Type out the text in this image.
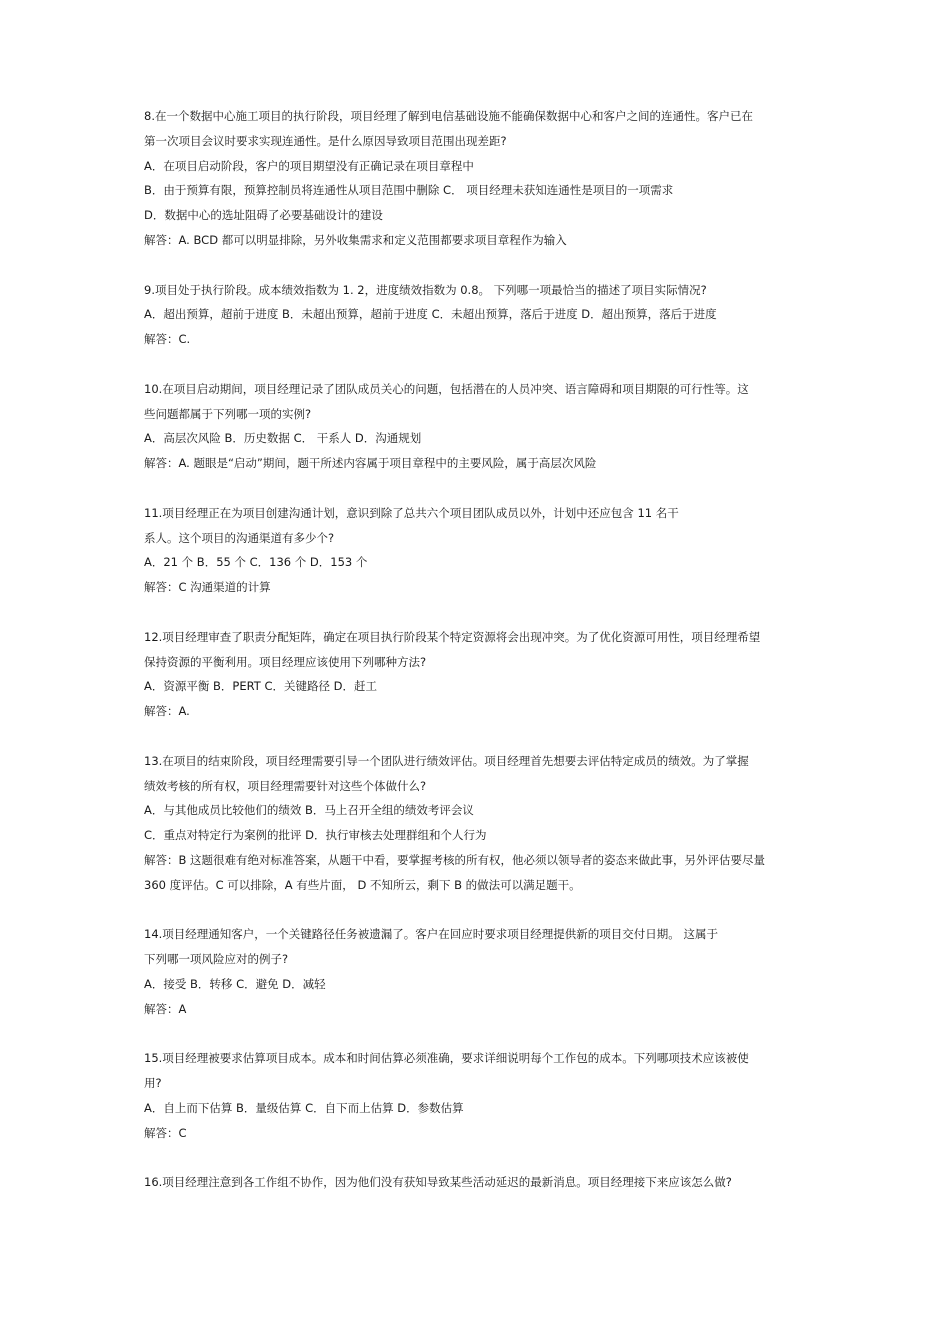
8.在一个数据中心施工项目的执行阶段，项目经理了解到电信基础设施不能确保数据中心和客户之间的连通性。客户已在
第一次项目会议时要求实现连通性。是什么原因导致项目范围出现差距?
A．在项目启动阶段，客户的项目期望没有正确记录在项目章程中
B．由于预算有限，预算控制员将连通性从项目范围中删除 C． 项目经理未获知连通性是项目的一项需求
D．数据中心的选址阻碍了必要基础设计的建设
解答：A. BCD 都可以明显排除，另外收集需求和定义范围都要求项目章程作为输入
9.项目处于执行阶段。成本绩效指数为 1. 2，进度绩效指数为 0.8。 下列哪一项最恰当的描述了项目实际情况?
A．超出预算，超前于进度 B．未超出预算，超前于进度 C．未超出预算，落后于进度 D．超出预算，落后于进度
解答：C.
10.在项目启动期间，项目经理记录了团队成员关心的问题，包括潜在的人员冲突、语言障碍和项目期限的可行性等。这
些问题都属于下列哪一项的实例?
A．高层次风险 B．历史数据 C． 干系人 D．沟通规划
解答：A. 题眼是“启动”期间，题干所述内容属于项目章程中的主要风险，属于高层次风险
11.项目经理正在为项目创建沟通计划，意识到除了总共六个项目团队成员以外，计划中还应包含 11 名干
系人。这个项目的沟通渠道有多少个?
A．21 个 B．55 个 C．136 个 D．153 个
解答：C 沟通渠道的计算
12.项目经理审查了职责分配矩阵，确定在项目执行阶段某个特定资源将会出现冲突。为了优化资源可用性，项目经理希望
保持资源的平衡利用。项目经理应该使用下列哪种方法?
A．资源平衡 B．PERT C．关键路径 D．赶工
解答：A.
13.在项目的结束阶段，项目经理需要引导一个团队进行绩效评估。项目经理首先想要去评估特定成员的绩效。为了掌握
绩效考核的所有权，项目经理需要针对这些个体做什么?
A．与其他成员比较他们的绩效 B．马上召开全组的绩效考评会议
C．重点对特定行为案例的批评 D．执行审核去处理群组和个人行为
解答：B 这题很难有绝对标准答案，从题干中看，要掌握考核的所有权，他必须以领导者的姿态来做此事，另外评估要尽量
360 度评估。C 可以排除，A 有些片面， D 不知所云，剩下 B 的做法可以满足题干。
14.项目经理通知客户，一个关键路径任务被遗漏了。客户在回应时要求项目经理提供新的项目交付日期。 这属于
下列哪一项风险应对的例子?
A．接受 B．转移 C．避免 D．减轻
解答：A
15.项目经理被要求估算项目成本。成本和时间估算必须准确，要求详细说明每个工作包的成本。下列哪项技术应该被使
用?
A．自上而下估算 B．量级估算 C．自下而上估算 D．参数估算
解答：C
16.项目经理注意到各工作组不协作，因为他们没有获知导致某些活动延迟的最新消息。项目经理接下来应该怎么做?
